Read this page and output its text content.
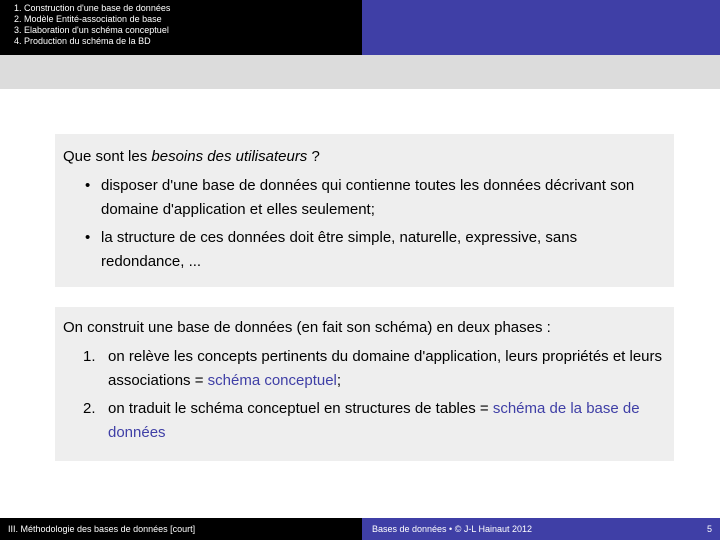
1. Construction d'une base de données
2. Modèle Entité-association de base
3. Elaboration d'un schéma conceptuel
4. Production du schéma de la BD
Que sont les besoins des utilisateurs ?
• disposer d'une base de données qui contienne toutes les données décrivant son domaine d'application et elles seulement;
• la structure de ces données doit être simple, naturelle, expressive, sans redondance, ...
On construit une base de données (en fait son schéma) en deux phases :
1. on relève les concepts pertinents du domaine d'application, leurs propriétés et leurs associations = schéma conceptuel;
2. on traduit le schéma conceptuel en structures de tables = schéma de la base de données
III. Méthodologie des bases de données [court]	Bases de données • © J-L Hainaut 2012	5
